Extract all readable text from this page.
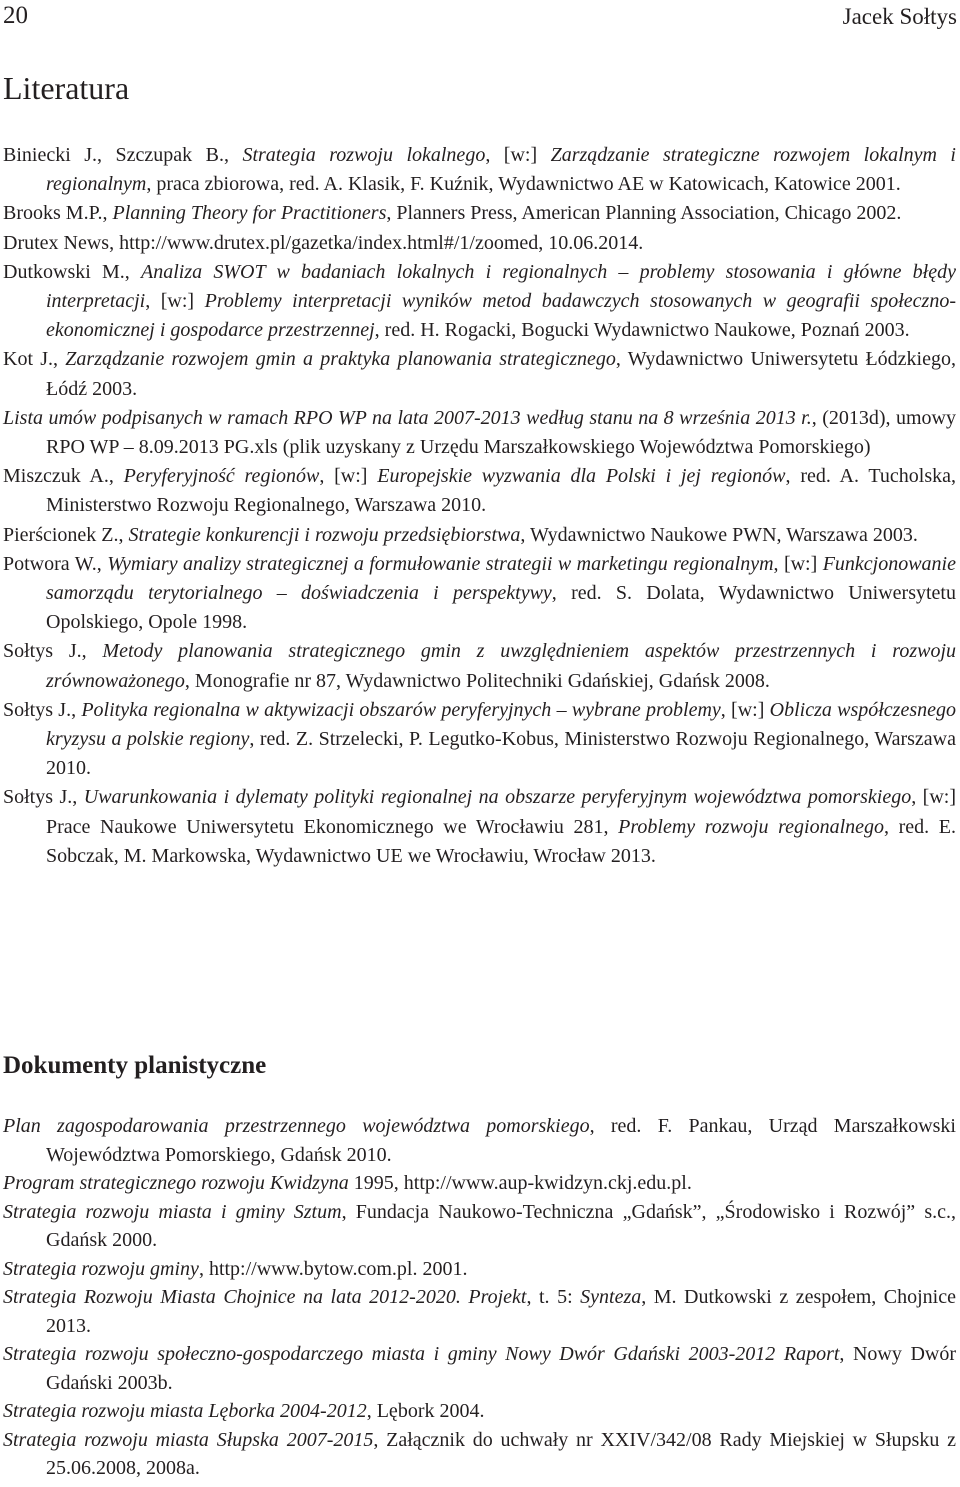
20	Jacek Sołtys
Literatura
Biniecki J., Szczupak B., Strategia rozwoju lokalnego, [w:] Zarządzanie strategiczne rozwojem lokalnym i regionalnym, praca zbiorowa, red. A. Klasik, F. Kuźnik, Wydawnictwo AE w Katowicach, Katowice 2001.
Brooks M.P., Planning Theory for Practitioners, Planners Press, American Planning Association, Chicago 2002.
Drutex News, http://www.drutex.pl/gazetka/index.html#/1/zoomed, 10.06.2014.
Dutkowski M., Analiza SWOT w badaniach lokalnych i regionalnych – problemy stosowania i główne błędy interpretacji, [w:] Problemy interpretacji wyników metod badawczych stosowanych w geografii społeczno-ekonomicznej i gospodarce przestrzennej, red. H. Rogacki, Bogucki Wydawnictwo Naukowe, Poznań 2003.
Kot J., Zarządzanie rozwojem gmin a praktyka planowania strategicznego, Wydawnictwo Uniwersytetu Łódzkiego, Łódź 2003.
Lista umów podpisanych w ramach RPO WP na lata 2007-2013 według stanu na 8 września 2013 r., (2013d), umowy RPO WP – 8.09.2013 PG.xls (plik uzyskany z Urzędu Marszałkowskiego Województwa Pomorskiego)
Miszczuk A., Peryferyjność regionów, [w:] Europejskie wyzwania dla Polski i jej regionów, red. A. Tucholska, Ministerstwo Rozwoju Regionalnego, Warszawa 2010.
Pierścionek Z., Strategie konkurencji i rozwoju przedsiębiorstwa, Wydawnictwo Naukowe PWN, Warszawa 2003.
Potwora W., Wymiary analizy strategicznej a formułowanie strategii w marketingu regionalnym, [w:] Funkcjonowanie samorządu terytorialnego – doświadczenia i perspektywy, red. S. Dolata, Wydawnictwo Uniwersytetu Opolskiego, Opole 1998.
Sołtys J., Metody planowania strategicznego gmin z uwzględnieniem aspektów przestrzennych i rozwoju zrównoważonego, Monografie nr 87, Wydawnictwo Politechniki Gdańskiej, Gdańsk 2008.
Sołtys J., Polityka regionalna w aktywizacji obszarów peryferyjnych – wybrane problemy, [w:] Oblicza współczesnego kryzysu a polskie regiony, red. Z. Strzelecki, P. Legutko-Kobus, Ministerstwo Rozwoju Regionalnego, Warszawa 2010.
Sołtys J., Uwarunkowania i dylematy polityki regionalnej na obszarze peryferyjnym województwa pomorskiego, [w:] Prace Naukowe Uniwersytetu Ekonomicznego we Wrocławiu 281, Problemy rozwoju regionalnego, red. E. Sobczak, M. Markowska, Wydawnictwo UE we Wrocławiu, Wrocław 2013.
Dokumenty planistyczne
Plan zagospodarowania przestrzennego województwa pomorskiego, red. F. Pankau, Urząd Marszałkowski Województwa Pomorskiego, Gdańsk 2010.
Program strategicznego rozwoju Kwidzyna 1995, http://www.aup-kwidzyn.ckj.edu.pl.
Strategia rozwoju miasta i gminy Sztum, Fundacja Naukowo-Techniczna „Gdańsk”, „Środowisko i Rozwój” s.c., Gdańsk 2000.
Strategia rozwoju gminy, http://www.bytow.com.pl. 2001.
Strategia Rozwoju Miasta Chojnice na lata 2012-2020. Projekt, t. 5: Synteza, M. Dutkowski z zespołem, Chojnice 2013.
Strategia rozwoju społeczno-gospodarczego miasta i gminy Nowy Dwór Gdański 2003-2012 Raport, Nowy Dwór Gdański 2003b.
Strategia rozwoju miasta Lęborka 2004-2012, Lębork 2004.
Strategia rozwoju miasta Słupska 2007-2015, Załącznik do uchwały nr XXIV/342/08 Rady Miejskiej w Słupsku z 25.06.2008, 2008a.
